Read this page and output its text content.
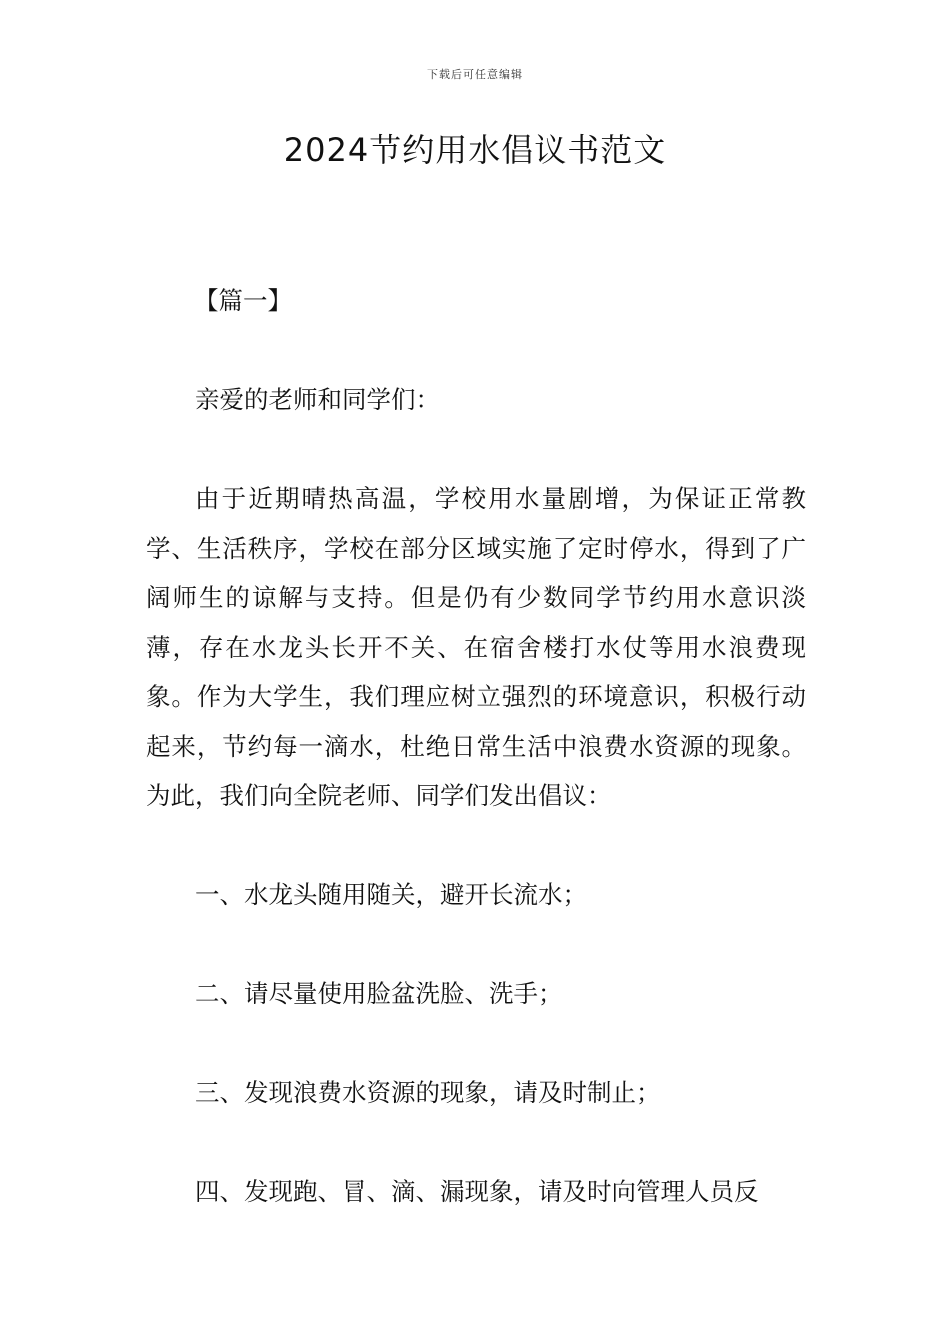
下载后可任意编辑
2024节约用水倡议书范文

【篇一】

亲爱的老师和同学们：

由于近期晴热高温，学校用水量剧增，为保证正常教学、生活秩序，学校在部分区域实施了定时停水，得到了广阔师生的谅解与支持。但是仍有少数同学节约用水意识淡薄，存在水龙头长开不关、在宿舍楼打水仗等用水浪费现象。作为大学生，我们理应树立强烈的环境意识，积极行动起来，节约每一滴水，杜绝日常生活中浪费水资源的现象。为此，我们向全院老师、同学们发出倡议：

一、水龙头随用随关，避开长流水；

二、请尽量使用脸盆洗脸、洗手；

三、发现浪费水资源的现象，请及时制止；

四、发现跑、冒、滴、漏现象，请及时向管理人员反
